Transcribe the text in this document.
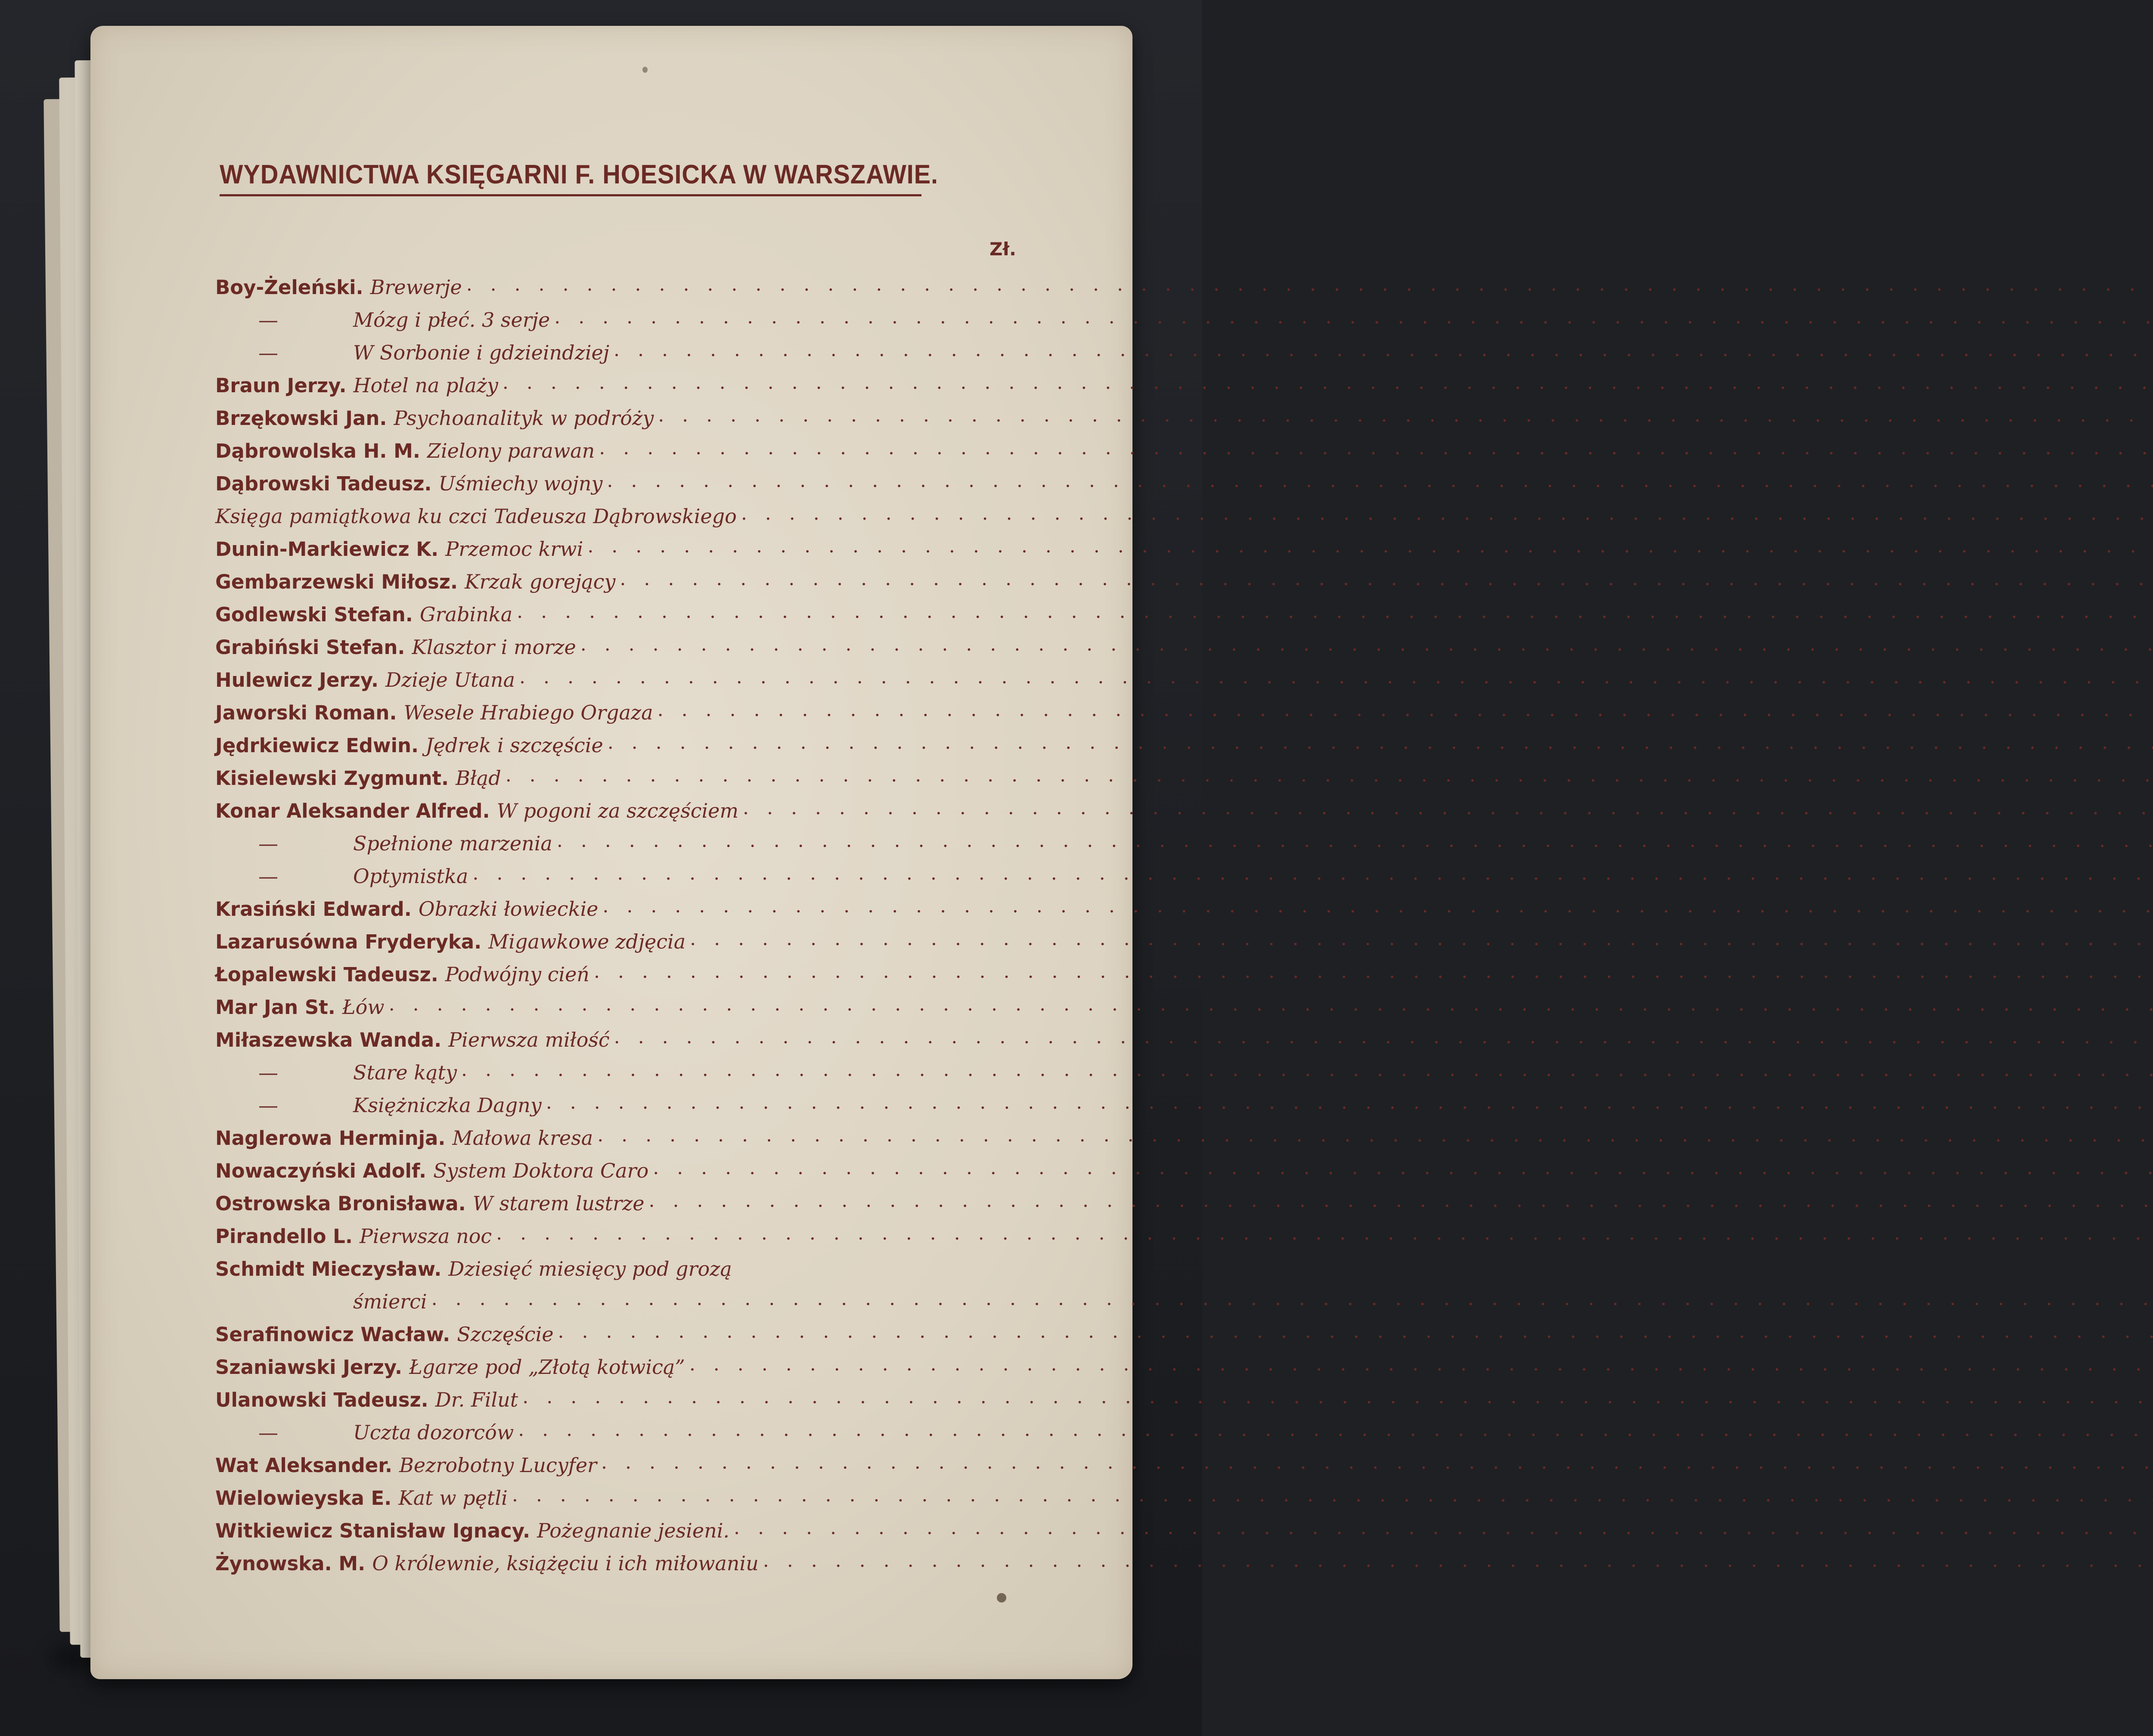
WYDAWNICTWA KSIĘGARNI F. HOESICKA W WARSZAWIE.
Zł.
Boy-Żeleński. Brewerje
. . .
—	Mózg i płeć. 3 serje
. . .
—	W Sorbonie i gdzieindziej
. . .
Braun Jerzy. Hotel na plaży
. . .
Brzękowski Jan. Psychoanalityk w podróży
. . .
Dąbrowolska H. M. Zielony parawan
. . .
Dąbrowski Tadeusz. Uśmiechy wojny
. . .
Księga pamiątkowa ku czci Tadeusza Dąbrowskiego
. . .
Dunin-Markiewicz K. Przemoc krwi
. . .
Gembarzewski Miłosz. Krzak gorejący
. . .
Godlewski Stefan. Grabinka
. . .
Grabiński Stefan. Klasztor i morze
. . .
Hulewicz Jerzy. Dzieje Utana
. . .
Jaworski Roman. Wesele Hrabiego Orgaza
. . .
Jędrkiewicz Edwin. Jędrek i szczęście
. . .
Kisielewski Zygmunt. Błąd
. . .
Konar Aleksander Alfred. W pogoni za szczęściem
. . .
—	Spełnione marzenia
. . .
—	Optymistka
. . .
Krasiński Edward. Obrazki łowieckie
. . .
Lazarusówna Fryderyka. Migawkowe zdjęcia
. . .
Łopalewski Tadeusz. Podwójny cień
. . .
Mar Jan St. Łów
. . .
Miłaszewska Wanda. Pierwsza miłość
. . .
—	Stare kąty
. . .
—	Księżniczka Dagny
. . .
Naglerowa Herminja. Małowa kresa
. . .
Nowaczyński Adolf. System Doktora Caro
. . .
Ostrowska Bronisława. W starem lustrze
. . .
Pirandello L. Pierwsza noc
. . .
Schmidt Mieczysław. Dziesięć miesięcy pod grozą
śmierci
. . .
Serafinowicz Wacław. Szczęście
. . .
Szaniawski Jerzy. Łgarze pod „Złotą kotwicą”
. . .
Ulanowski Tadeusz. Dr. Filut
. . .
—	Uczta dozorców
. . .
Wat Aleksander. Bezrobotny Lucyfer
. . .
Wielowieyska E. Kat w pętli
. . .
Witkiewicz Stanisław Ignacy. Pożegnanie jesieni.
. . .
Żynowska. M. O królewnie, książęciu i ich miłowaniu
. . .
